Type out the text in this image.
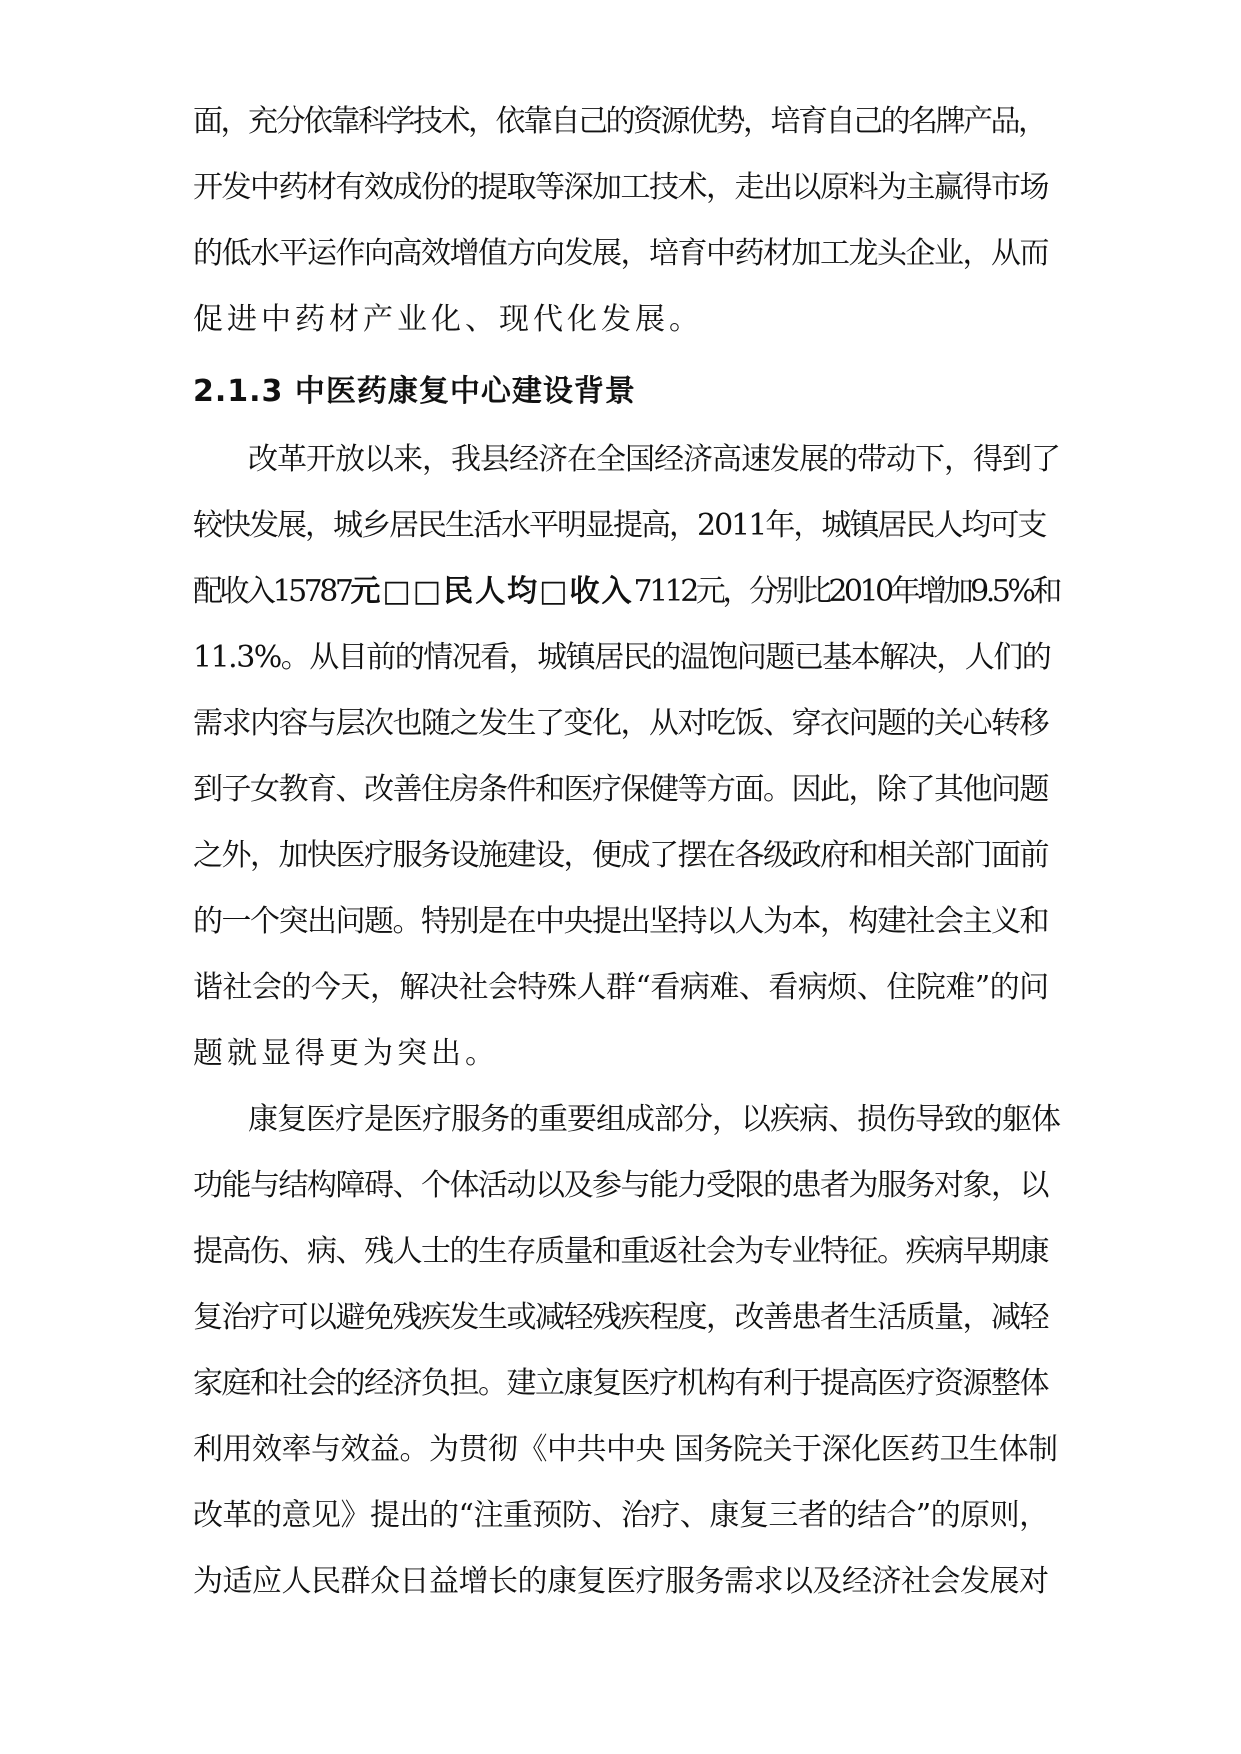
面，充分依靠科学技术，依靠自己的资源优势，培育自己的名牌产品，
开发中药材有效成份的提取等深加工技术，走出以原料为主赢得市场
的低水平运作向高效增值方向发展，培育中药材加工龙头企业，从而
促进中药材产业化、现代化发展。
2.1.3 中医药康复中心建设背景
改革开放以来，我县经济在全国经济高速发展的带动下，得到了
较快发展，城乡居民生活水平明显提高，2011年，城镇居民人均可支
配收入15787元□□民人均□收入7112元，分别比2010年增加9.5%和
11.3%。从目前的情况看，城镇居民的温饱问题已基本解决，人们的
需求内容与层次也随之发生了变化，从对吃饭、穿衣问题的关心转移
到子女教育、改善住房条件和医疗保健等方面。因此，除了其他问题
之外，加快医疗服务设施建设，便成了摆在各级政府和相关部门面前
的一个突出问题。特别是在中央提出坚持以人为本，构建社会主义和
谐社会的今天，解决社会特殊人群“看病难、看病烦、住院难”的问
题就显得更为突出。
康复医疗是医疗服务的重要组成部分，以疾病、损伤导致的躯体
功能与结构障碍、个体活动以及参与能力受限的患者为服务对象，以
提高伤、病、残人士的生存质量和重返社会为专业特征。疾病早期康
复治疗可以避免残疾发生或减轻残疾程度，改善患者生活质量，减轻
家庭和社会的经济负担。建立康复医疗机构有利于提高医疗资源整体
利用效率与效益。为贯彻《中共中央 国务院关于深化医药卫生体制
改革的意见》提出的“注重预防、治疗、康复三者的结合”的原则，
为适应人民群众日益增长的康复医疗服务需求以及经济社会发展对
